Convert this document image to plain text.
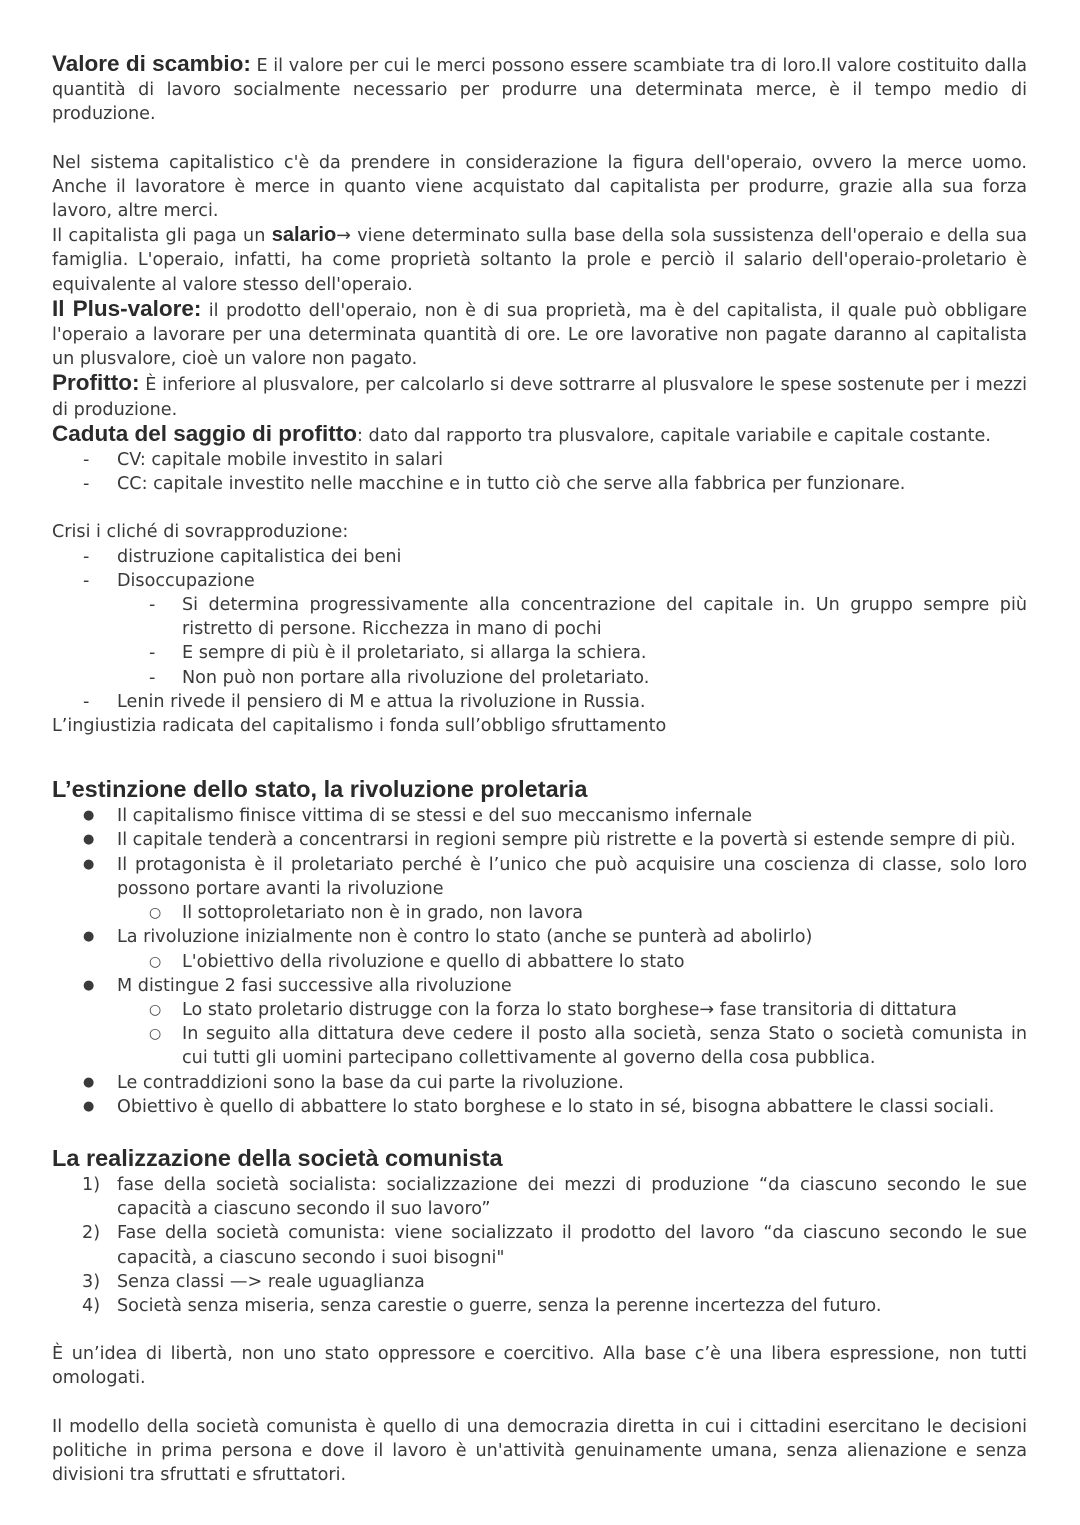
Valore di scambio: E il valore per cui le merci possono essere scambiate tra di loro.Il valore costituito dalla quantità di lavoro socialmente necessario per produrre una determinata merce, è il tempo medio di produzione.

Nel sistema capitalistico c'è da prendere in considerazione la figura dell'operaio, ovvero la merce uomo. Anche il lavoratore è merce in quanto viene acquistato dal capitalista per produrre, grazie alla sua forza lavoro, altre merci.

Il capitalista gli paga un salario→ viene determinato sulla base della sola sussistenza dell'operaio e della sua famiglia. L'operaio, infatti, ha come proprietà soltanto la prole e perciò il salario dell'operaio-proletario è equivalente al valore stesso dell'operaio.

Il Plus-valore: il prodotto dell'operaio, non è di sua proprietà, ma è del capitalista, il quale può obbligare l'operaio a lavorare per una determinata quantità di ore. Le ore lavorative non pagate daranno al capitalista un plusvalore, cioè un valore non pagato.

Profitto: È inferiore al plusvalore, per calcolarlo si deve sottrarre al plusvalore le spese sostenute per i mezzi di produzione.

Caduta del saggio di profitto: dato dal rapporto tra plusvalore, capitale variabile e capitale costante.

- CV: capitale mobile investito in salari
- CC: capitale investito nelle macchine e in tutto ciò che serve alla fabbrica per funzionare.

Crisi i cliché di sovrapproduzione:

- distruzione capitalistica dei beni
- Disoccupazione
- Si determina progressivamente alla concentrazione del capitale in. Un gruppo sempre più ristretto di persone. Ricchezza in mano di pochi
- E sempre di più è il proletariato, si allarga la schiera.
- Non può non portare alla rivoluzione del proletariato.
- Lenin rivede il pensiero di M e attua la rivoluzione in Russia.

L’ingiustizia radicata del capitalismo i fonda sull’obbligo sfruttamento

L’estinzione dello stato, la rivoluzione proletaria
● Il capitalismo finisce vittima di se stessi e del suo meccanismo infernale
● Il capitale tenderà a concentrarsi in regioni sempre più ristrette e la povertà si estende sempre di più.
● Il protagonista è il proletariato perché è l’unico che può acquisire una coscienza di classe, solo loro possono portare avanti la rivoluzione
○ Il sottoproletariato non è in grado, non lavora
● La rivoluzione inizialmente non è contro lo stato (anche se punterà ad abolirlo)
○ L'obiettivo della rivoluzione e quello di abbattere lo stato
● M distingue 2 fasi successive alla rivoluzione
○ Lo stato proletario distrugge con la forza lo stato borghese→ fase transitoria di dittatura
○ In seguito alla dittatura deve cedere il posto alla società, senza Stato o società comunista in cui tutti gli uomini partecipano collettivamente al governo della cosa pubblica.
● Le contraddizioni sono la base da cui parte la rivoluzione.
● Obiettivo è quello di abbattere lo stato borghese e lo stato in sé, bisogna abbattere le classi sociali.
La realizzazione della società comunista
1) fase della società socialista: socializzazione dei mezzi di produzione “da ciascuno secondo le sue capacità a ciascuno secondo il suo lavoro”
2) Fase della società comunista: viene socializzato il prodotto del lavoro “da ciascuno secondo le sue capacità, a ciascuno secondo i suoi bisogni"
3) Senza classi —> reale uguaglianza
4) Società senza miseria, senza carestie o guerre, senza la perenne incertezza del futuro.

È un’idea di libertà, non uno stato oppressore e coercitivo. Alla base c’è una libera espressione, non tutti omologati.

Il modello della società comunista è quello di una democrazia diretta in cui i cittadini esercitano le decisioni politiche in prima persona e dove il lavoro è un'attività genuinamente umana, senza alienazione e senza divisioni tra sfruttati e sfruttatori.
